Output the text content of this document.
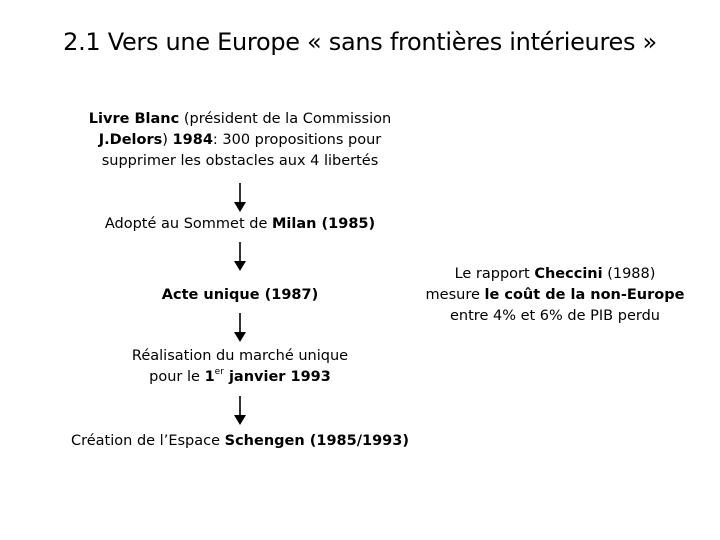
2.1 Vers une Europe « sans frontières intérieures »
Livre Blanc (président de la Commission
J.Delors) 1984: 300 propositions pour
supprimer les obstacles aux 4 libertés
Adopté au Sommet de Milan (1985)
Acte unique (1987)
Réalisation du marché unique
pour le 1er janvier 1993
Création de l’Espace Schengen (1985/1993)
Le rapport Checcini (1988)
mesure le coût de la non-Europe
entre 4% et 6% de PIB perdu
